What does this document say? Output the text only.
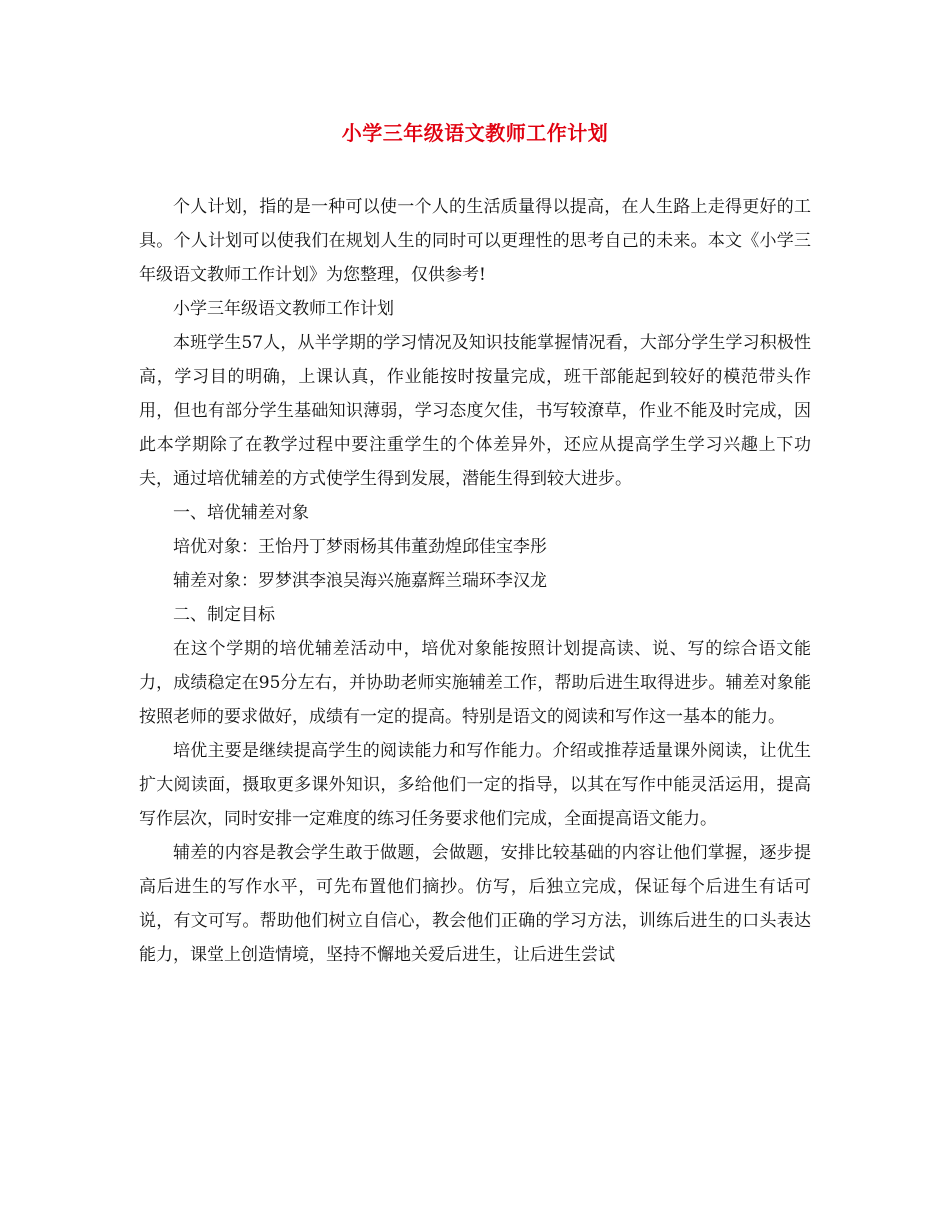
小学三年级语文教师工作计划

个人计划，指的是一种可以使一个人的生活质量得以提高，在人生路上走得更好的工具。个人计划可以使我们在规划人生的同时可以更理性的思考自己的未来。本文《小学三年级语文教师工作计划》为您整理，仅供参考!

小学三年级语文教师工作计划

本班学生57人，从半学期的学习情况及知识技能掌握情况看，大部分学生学习积极性高，学习目的明确，上课认真，作业能按时按量完成，班干部能起到较好的模范带头作用，但也有部分学生基础知识薄弱，学习态度欠佳，书写较潦草，作业不能及时完成，因此本学期除了在教学过程中要注重学生的个体差异外，还应从提高学生学习兴趣上下功夫，通过培优辅差的方式使学生得到发展，潜能生得到较大进步。

一、培优辅差对象

培优对象：王怡丹丁梦雨杨其伟董劲煌邱佳宝李彤

辅差对象：罗梦淇李浪吴海兴施嘉辉兰瑞环李汉龙

二、制定目标

在这个学期的培优辅差活动中，培优对象能按照计划提高读、说、写的综合语文能力，成绩稳定在95分左右，并协助老师实施辅差工作，帮助后进生取得进步。辅差对象能按照老师的要求做好，成绩有一定的提高。特别是语文的阅读和写作这一基本的能力。

培优主要是继续提高学生的阅读能力和写作能力。介绍或推荐适量课外阅读，让优生扩大阅读面，摄取更多课外知识，多给他们一定的指导，以其在写作中能灵活运用，提高写作层次，同时安排一定难度的练习任务要求他们完成，全面提高语文能力。

辅差的内容是教会学生敢于做题，会做题，安排比较基础的内容让他们掌握，逐步提高后进生的写作水平，可先布置他们摘抄。仿写，后独立完成，保证每个后进生有话可说，有文可写。帮助他们树立自信心，教会他们正确的学习方法，训练后进生的口头表达能力，课堂上创造情境，坚持不懈地关爱后进生，让后进生尝试
